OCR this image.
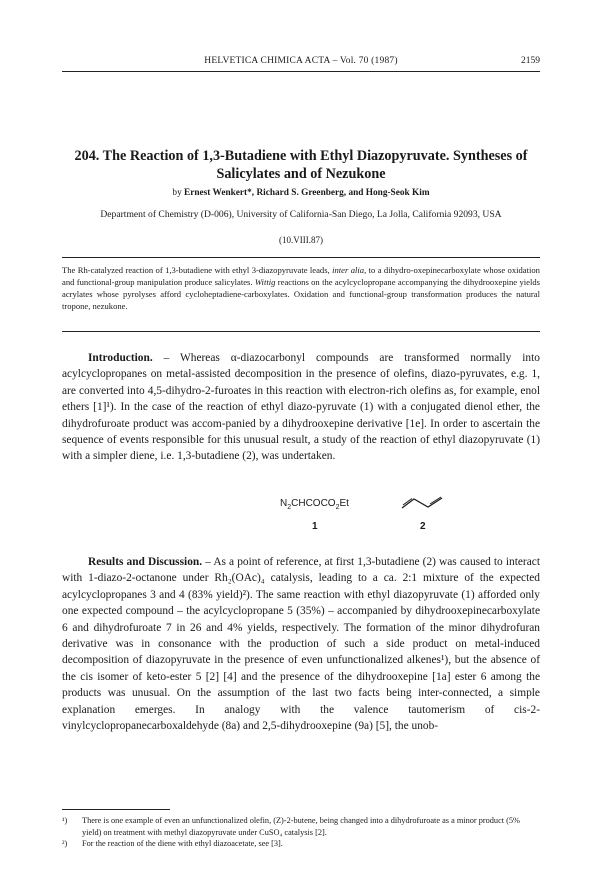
HELVETICA CHIMICA ACTA – Vol. 70 (1987)	2159
204. The Reaction of 1,3-Butadiene with Ethyl Diazopyruvate. Syntheses of
Salicylates and of Nezukone
by Ernest Wenkert*, Richard S. Greenberg, and Hong-Seok Kim
Department of Chemistry (D-006), University of California-San Diego, La Jolla, California 92093, USA
(10.VIII.87)
The Rh-catalyzed reaction of 1,3-butadiene with ethyl 3-diazopyruvate leads, inter alia, to a dihydro-oxepinecarboxylate whose oxidation and functional-group manipulation produce salicylates. Wittig reactions on the acylcyclopropane accompanying the dihydrooxepine yields acrylates whose pyrolyses afford cycloheptadiene-carboxylates. Oxidation and functional-group transformation produces the natural tropone, nezukone.
Introduction. – Whereas α-diazocarbonyl compounds are transformed normally into acylcyclopropanes on metal-assisted decomposition in the presence of olefins, diazo-pyruvates, e.g. 1, are converted into 4,5-dihydro-2-furoates in this reaction with electron-rich olefins as, for example, enol ethers [1]¹). In the case of the reaction of ethyl diazo-pyruvate (1) with a conjugated dienol ether, the dihydrofuroate product was accom-panied by a dihydrooxepine derivative [1e]. In order to ascertain the sequence of events responsible for this unusual result, a study of the reaction of ethyl diazopyruvate (1) with a simpler diene, i.e. 1,3-butadiene (2), was undertaken.
$N_2CHCOCO_2Et$
1	2
Results and Discussion. – As a point of reference, at first 1,3-butadiene (2) was caused to interact with 1-diazo-2-octanone under Rh₂(OAc)₄ catalysis, leading to a ca. 2:1 mixture of the expected acylcyclopropanes 3 and 4 (83% yield)²). The same reaction with ethyl diazopyruvate (1) afforded only one expected compound – the acylcyclopropane 5 (35%) – accompanied by dihydrooxepinecarboxylate 6 and dihydrofuroate 7 in 26 and 4% yields, respectively. The formation of the minor dihydrofuran derivative was in consonance with the production of such a side product on metal-induced decomposition of diazopyruvate in the presence of even unfunctionalized alkenes¹), but the absence of the cis isomer of keto-ester 5 [2] [4] and the presence of the dihydrooxepine [1a] ester 6 among the products was unusual. On the assumption of the last two facts being inter-connected, a simple explanation emerges. In analogy with the valence tautomerism of cis-2-vinylcyclopropanecarboxaldehyde (8a) and 2,5-dihydrooxepine (9a) [5], the unob-
¹) There is one example of even an unfunctionalized olefin, (Z)-2-butene, being changed into a dihydrofuroate as a minor product (5% yield) on treatment with methyl diazopyruvate under CuSO₄ catalysis [2].
²) For the reaction of the diene with ethyl diazoacetate, see [3].
